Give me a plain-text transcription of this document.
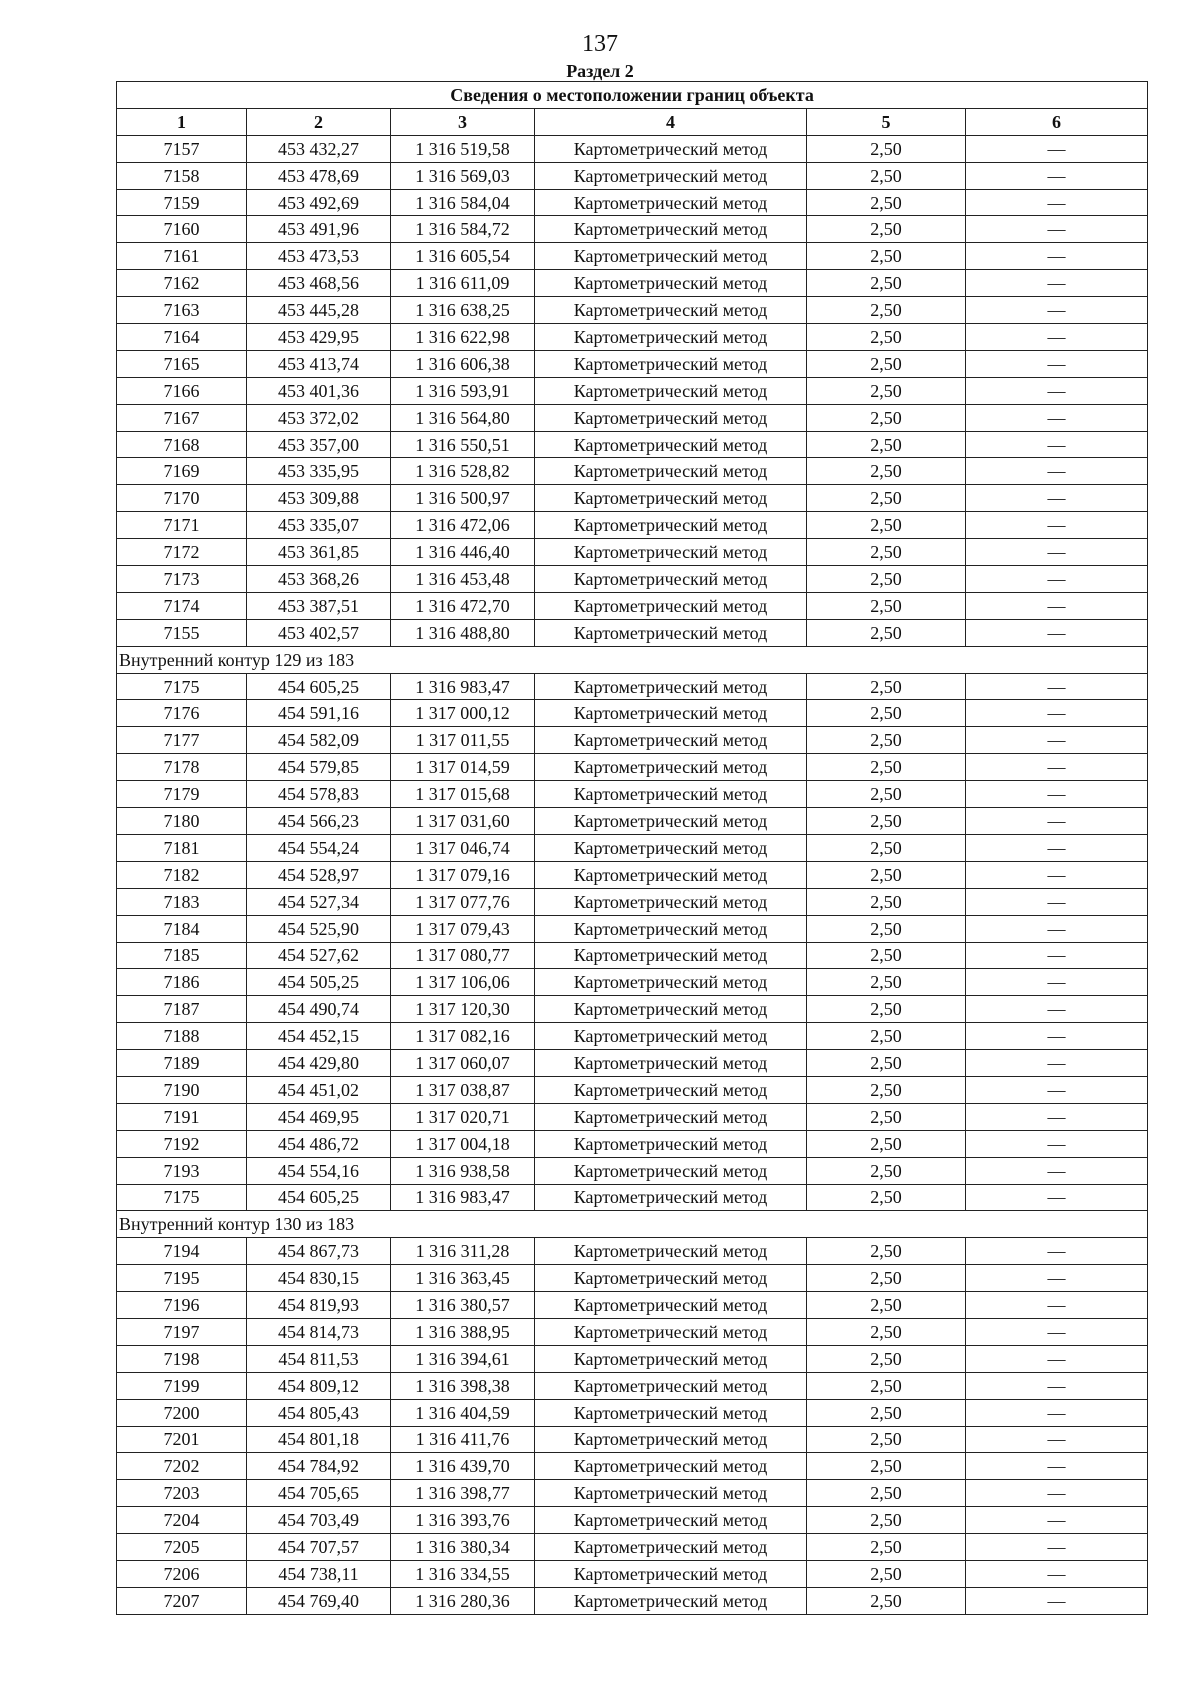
137
Раздел 2
Сведения о местоположении границ объекта					
1	2	3	4	5	6
7157	453 432,27	1 316 519,58	Картометрический метод	2,50	—
7158	453 478,69	1 316 569,03	Картометрический метод	2,50	—
7159	453 492,69	1 316 584,04	Картометрический метод	2,50	—
7160	453 491,96	1 316 584,72	Картометрический метод	2,50	—
7161	453 473,53	1 316 605,54	Картометрический метод	2,50	—
7162	453 468,56	1 316 611,09	Картометрический метод	2,50	—
7163	453 445,28	1 316 638,25	Картометрический метод	2,50	—
7164	453 429,95	1 316 622,98	Картометрический метод	2,50	—
7165	453 413,74	1 316 606,38	Картометрический метод	2,50	—
7166	453 401,36	1 316 593,91	Картометрический метод	2,50	—
7167	453 372,02	1 316 564,80	Картометрический метод	2,50	—
7168	453 357,00	1 316 550,51	Картометрический метод	2,50	—
7169	453 335,95	1 316 528,82	Картометрический метод	2,50	—
7170	453 309,88	1 316 500,97	Картометрический метод	2,50	—
7171	453 335,07	1 316 472,06	Картометрический метод	2,50	—
7172	453 361,85	1 316 446,40	Картометрический метод	2,50	—
7173	453 368,26	1 316 453,48	Картометрический метод	2,50	—
7174	453 387,51	1 316 472,70	Картометрический метод	2,50	—
7155	453 402,57	1 316 488,80	Картометрический метод	2,50	—
Внутренний контур 129 из 183					
7175	454 605,25	1 316 983,47	Картометрический метод	2,50	—
7176	454 591,16	1 317 000,12	Картометрический метод	2,50	—
7177	454 582,09	1 317 011,55	Картометрический метод	2,50	—
7178	454 579,85	1 317 014,59	Картометрический метод	2,50	—
7179	454 578,83	1 317 015,68	Картометрический метод	2,50	—
7180	454 566,23	1 317 031,60	Картометрический метод	2,50	—
7181	454 554,24	1 317 046,74	Картометрический метод	2,50	—
7182	454 528,97	1 317 079,16	Картометрический метод	2,50	—
7183	454 527,34	1 317 077,76	Картометрический метод	2,50	—
7184	454 525,90	1 317 079,43	Картометрический метод	2,50	—
7185	454 527,62	1 317 080,77	Картометрический метод	2,50	—
7186	454 505,25	1 317 106,06	Картометрический метод	2,50	—
7187	454 490,74	1 317 120,30	Картометрический метод	2,50	—
7188	454 452,15	1 317 082,16	Картометрический метод	2,50	—
7189	454 429,80	1 317 060,07	Картометрический метод	2,50	—
7190	454 451,02	1 317 038,87	Картометрический метод	2,50	—
7191	454 469,95	1 317 020,71	Картометрический метод	2,50	—
7192	454 486,72	1 317 004,18	Картометрический метод	2,50	—
7193	454 554,16	1 316 938,58	Картометрический метод	2,50	—
7175	454 605,25	1 316 983,47	Картометрический метод	2,50	—
Внутренний контур 130 из 183					
7194	454 867,73	1 316 311,28	Картометрический метод	2,50	—
7195	454 830,15	1 316 363,45	Картометрический метод	2,50	—
7196	454 819,93	1 316 380,57	Картометрический метод	2,50	—
7197	454 814,73	1 316 388,95	Картометрический метод	2,50	—
7198	454 811,53	1 316 394,61	Картометрический метод	2,50	—
7199	454 809,12	1 316 398,38	Картометрический метод	2,50	—
7200	454 805,43	1 316 404,59	Картометрический метод	2,50	—
7201	454 801,18	1 316 411,76	Картометрический метод	2,50	—
7202	454 784,92	1 316 439,70	Картометрический метод	2,50	—
7203	454 705,65	1 316 398,77	Картометрический метод	2,50	—
7204	454 703,49	1 316 393,76	Картометрический метод	2,50	—
7205	454 707,57	1 316 380,34	Картометрический метод	2,50	—
7206	454 738,11	1 316 334,55	Картометрический метод	2,50	—
7207	454 769,40	1 316 280,36	Картометрический метод	2,50	—
